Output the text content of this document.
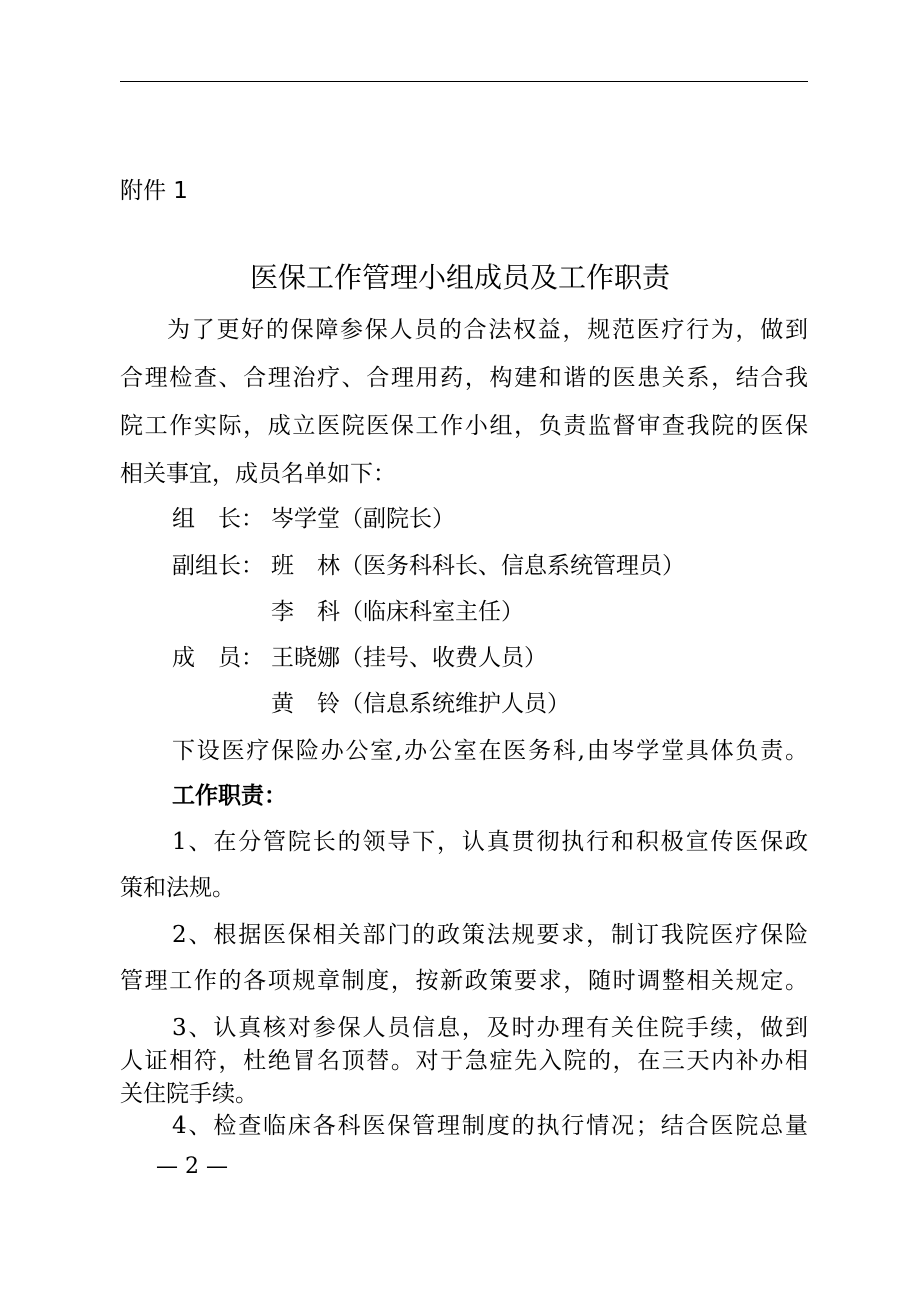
附件 1
医保工作管理小组成员及工作职责
为了更好的保障参保人员的合法权益，规范医疗行为，做到
合理检查、合理治疗、合理用药，构建和谐的医患关系，结合我
院工作实际，成立医院医保工作小组，负责监督审查我院的医保
相关事宜，成员名单如下：
组　长： 岑学堂（副院长）
副组长： 班　林（医务科科长、信息系统管理员）
李　科（临床科室主任）
成　员： 王晓娜（挂号、收费人员）
黄　铃（信息系统维护人员）
下设医疗保险办公室,办公室在医务科,由岑学堂具体负责。
工作职责：
1、在分管院长的领导下，认真贯彻执行和积极宣传医保政
策和法规。
2、根据医保相关部门的政策法规要求，制订我院医疗保险
管理工作的各项规章制度，按新政策要求，随时调整相关规定。
3、认真核对参保人员信息，及时办理有关住院手续，做到
人证相符，杜绝冒名顶替。对于急症先入院的，在三天内补办相
关住院手续。
4、检查临床各科医保管理制度的执行情况；结合医院总量
— 2 —
